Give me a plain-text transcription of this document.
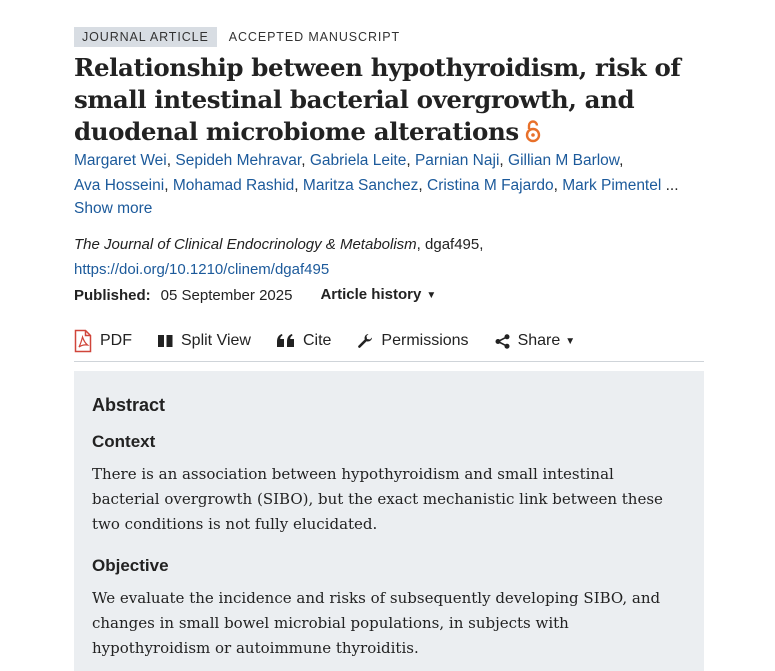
JOURNAL ARTICLE	ACCEPTED MANUSCRIPT
Relationship between hypothyroidism, risk of small intestinal bacterial overgrowth, and duodenal microbiome alterations
Margaret Wei, Sepideh Mehravar, Gabriela Leite, Parnian Naji, Gillian M Barlow,
Ava Hosseini, Mohamad Rashid, Maritza Sanchez, Cristina M Fajardo, Mark Pimentel ...
Show more
The Journal of Clinical Endocrinology & Metabolism, dgaf495,
https://doi.org/10.1210/clinem/dgaf495
Published: 05 September 2025 Article history ▼
PDF	Split View	Cite	Permissions	Share ▼
Abstract
Context

There is an association between hypothyroidism and small intestinal bacterial overgrowth (SIBO), but the exact mechanistic link between these two conditions is not fully elucidated.

Objective

We evaluate the incidence and risks of subsequently developing SIBO, and changes in small bowel microbial populations, in subjects with hypothyroidism or autoimmune thyroiditis.
